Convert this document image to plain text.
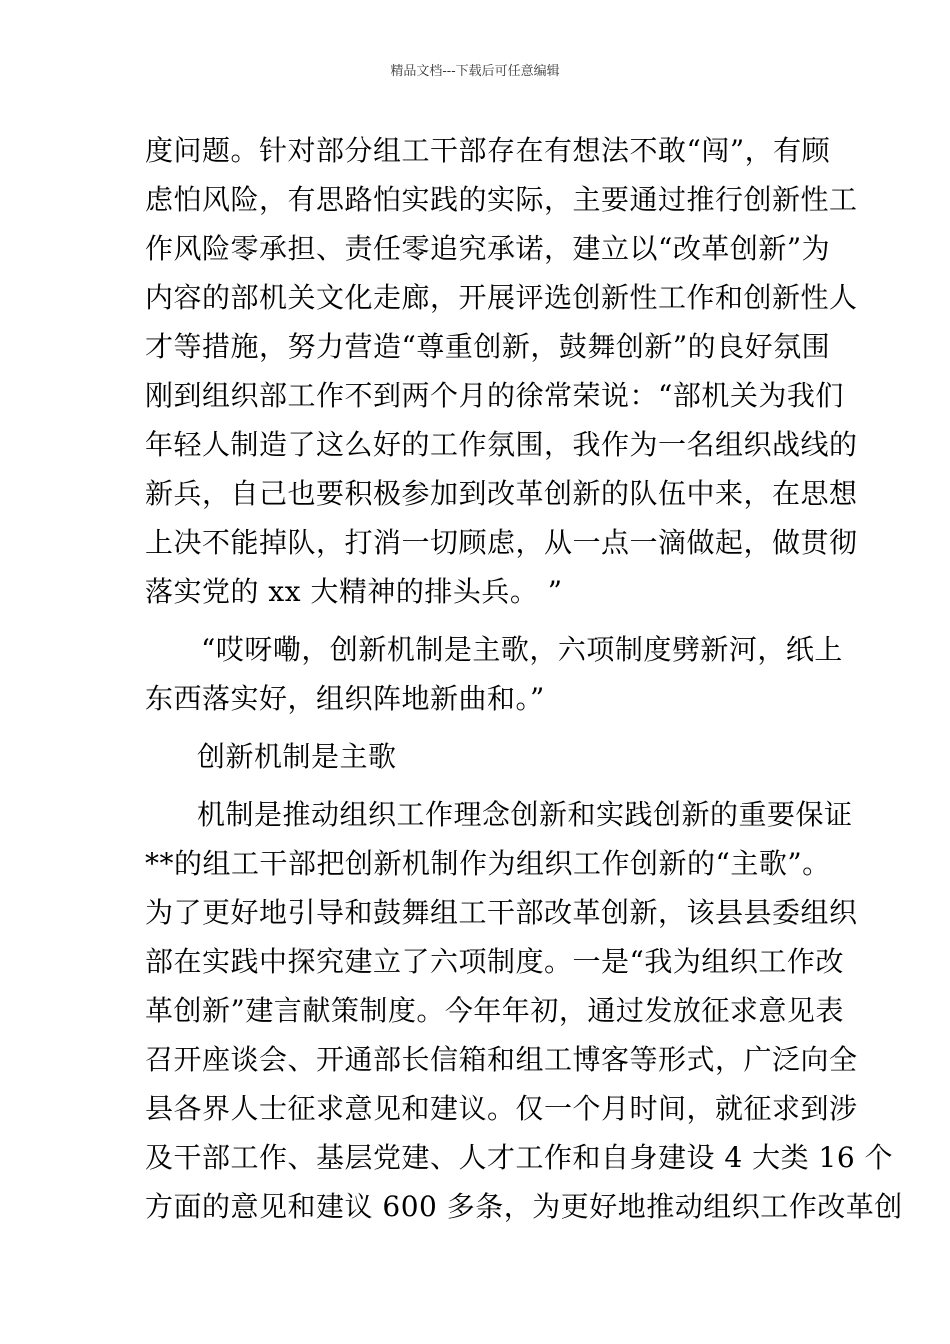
精品文档---下载后可任意编辑
度问题。针对部分组工干部存在有想法不敢“闯”，有顾
虑怕风险，有思路怕实践的实际，主要通过推行创新性工
作风险零承担、责任零追究承诺，建立以“改革创新”为
内容的部机关文化走廊，开展评选创新性工作和创新性人
才等措施，努力营造“尊重创新，鼓舞创新”的良好氛围
刚到组织部工作不到两个月的徐常荣说：“部机关为我们
年轻人制造了这么好的工作氛围，我作为一名组织战线的
新兵，自己也要积极参加到改革创新的队伍中来，在思想
上决不能掉队，打消一切顾虑，从一点一滴做起，做贯彻
落实党的 xx 大精神的排头兵。 ”
“哎呀嘞，创新机制是主歌，六项制度劈新河，纸上
东西落实好，组织阵地新曲和。”
创新机制是主歌
机制是推动组织工作理念创新和实践创新的重要保证
**的组工干部把创新机制作为组织工作创新的“主歌”。
为了更好地引导和鼓舞组工干部改革创新，该县县委组织
部在实践中探究建立了六项制度。一是“我为组织工作改
革创新”建言献策制度。今年年初，通过发放征求意见表
召开座谈会、开通部长信箱和组工博客等形式，广泛向全
县各界人士征求意见和建议。仅一个月时间，就征求到涉
及干部工作、基层党建、人才工作和自身建设 4 大类 16 个
方面的意见和建议 600 多条，为更好地推动组织工作改革创
